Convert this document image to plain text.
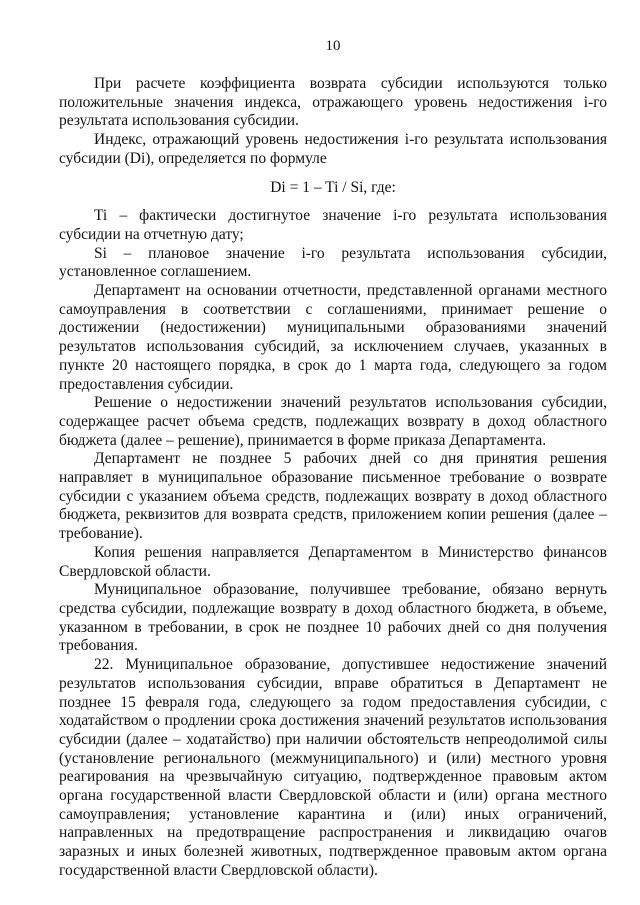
10

При расчете коэффициента возврата субсидии используются только положительные значения индекса, отражающего уровень недостижения i-го результата использования субсидии.

Индекс, отражающий уровень недостижения i-го результата использования субсидии (Di), определяется по формуле

Di = 1 – Ti / Si, где:

Ti – фактически достигнутое значение i-го результата использования субсидии на отчетную дату;

Si – плановое значение i-го результата использования субсидии, установленное соглашением.

Департамент на основании отчетности, представленной органами местного самоуправления в соответствии с соглашениями, принимает решение о достижении (недостижении) муниципальными образованиями значений результатов использования субсидий, за исключением случаев, указанных в пункте 20 настоящего порядка, в срок до 1 марта года, следующего за годом предоставления субсидии.

Решение о недостижении значений результатов использования субсидии, содержащее расчет объема средств, подлежащих возврату в доход областного бюджета (далее – решение), принимается в форме приказа Департамента.

Департамент не позднее 5 рабочих дней со дня принятия решения направляет в муниципальное образование письменное требование о возврате субсидии с указанием объема средств, подлежащих возврату в доход областного бюджета, реквизитов для возврата средств, приложением копии решения (далее – требование).

Копия решения направляется Департаментом в Министерство финансов Свердловской области.

Муниципальное образование, получившее требование, обязано вернуть средства субсидии, подлежащие возврату в доход областного бюджета, в объеме, указанном в требовании, в срок не позднее 10 рабочих дней со дня получения требования.

22. Муниципальное образование, допустившее недостижение значений результатов использования субсидии, вправе обратиться в Департамент не позднее 15 февраля года, следующего за годом предоставления субсидии, с ходатайством о продлении срока достижения значений результатов использования субсидии (далее – ходатайство) при наличии обстоятельств непреодолимой силы (установление регионального (межмуниципального) и (или) местного уровня реагирования на чрезвычайную ситуацию, подтвержденное правовым актом органа государственной власти Свердловской области и (или) органа местного самоуправления; установление карантина и (или) иных ограничений, направленных на предотвращение распространения и ликвидацию очагов заразных и иных болезней животных, подтвержденное правовым актом органа государственной власти Свердловской области).
